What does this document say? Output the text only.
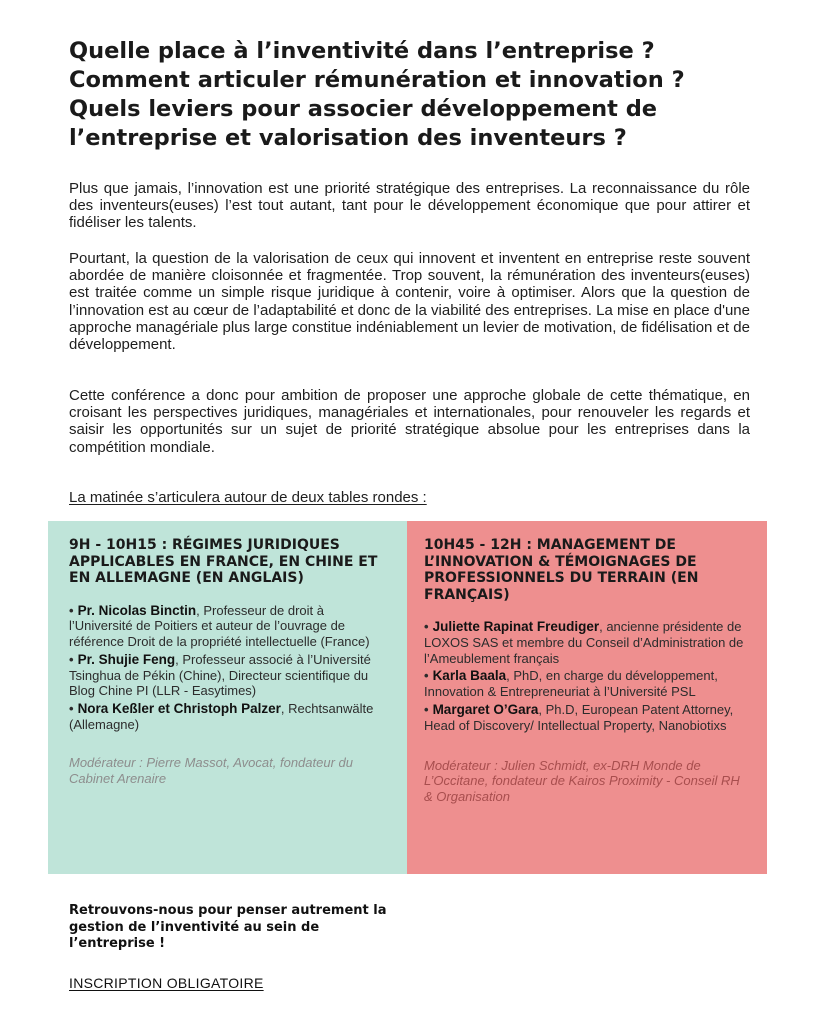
Quelle place à l’inventivité dans l’entreprise ?
Comment articuler rémunération et innovation ?
Quels leviers pour associer développement de
l’entreprise et valorisation des inventeurs ?

Plus que jamais, l’innovation est une priorité stratégique des entreprises. La reconnaissance du rôle des inventeurs(euses) l’est tout autant, tant pour le développement économique que pour attirer et fidéliser les talents.

Pourtant, la question de la valorisation de ceux qui innovent et inventent en entreprise reste souvent abordée de manière cloisonnée et fragmentée. Trop souvent, la rémunération des inventeurs(euses) est traitée comme un simple risque juridique à contenir, voire à optimiser. Alors que la question de l’innovation est au cœur de l’adaptabilité et donc de la viabilité des entreprises. La mise en place d'une approche managériale plus large constitue indéniablement un levier de motivation, de fidélisation et de développement.

Cette conférence a donc pour ambition de proposer une approche globale de cette thématique, en croisant les perspectives juridiques, managériales et internationales, pour renouveler les regards et saisir les opportunités sur un sujet de priorité stratégique absolue pour les entreprises dans la compétition mondiale.

La matinée s’articulera autour de deux tables rondes :

9H - 10H15 : RÉGIMES JURIDIQUES APPLICABLES EN FRANCE, EN CHINE ET EN ALLEMAGNE (EN ANGLAIS)
• Pr. Nicolas Binctin, Professeur de droit à l’Université de Poitiers et auteur de l’ouvrage de référence Droit de la propriété intellectuelle (France)
• Pr. Shujie Feng, Professeur associé à l’Université Tsinghua de Pékin (Chine), Directeur scientifique du Blog Chine PI (LLR - Easytimes)
• Nora Keßler et Christoph Palzer, Rechtsanwälte (Allemagne)

Modérateur : Pierre Massot, Avocat, fondateur du Cabinet Arenaire

10H45 - 12H : MANAGEMENT DE L’INNOVATION & TÉMOIGNAGES DE PROFESSIONNELS DU TERRAIN (EN FRANÇAIS)
• Juliette Rapinat Freudiger, ancienne présidente de LOXOS SAS et membre du Conseil d’Administration de l’Ameublement français
• Karla Baala, PhD, en charge du développement, Innovation & Entrepreneuriat à l’Université PSL
• Margaret O’Gara, Ph.D, European Patent Attorney, Head of Discovery/ Intellectual Property, Nanobiotixs

Modérateur : Julien Schmidt, ex-DRH Monde de L’Occitane, fondateur de Kairos Proximity - Conseil RH & Organisation

Retrouvons-nous pour penser autrement la gestion de l’inventivité au sein de l’entreprise !

INSCRIPTION OBLIGATOIRE
